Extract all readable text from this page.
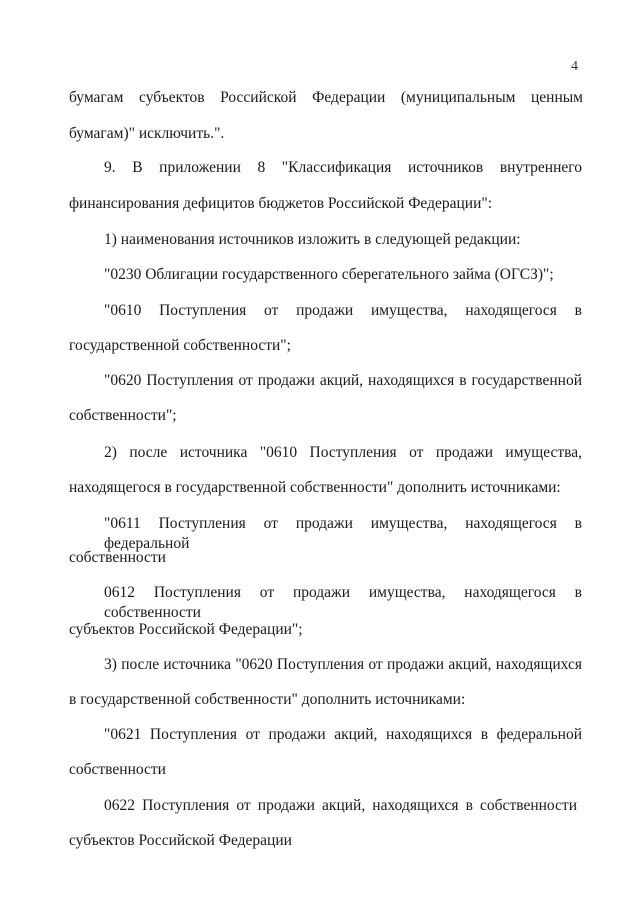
4
бумагам субъектов Российской Федерации (муниципальным ценным
бумагам)" исключить.".
9. В приложении 8 "Классификация источников внутреннего
финансирования дефицитов бюджетов Российской Федерации":
1) наименования источников изложить в следующей редакции:
"0230 Облигации государственного сберегательного займа (ОГСЗ)";
"0610 Поступления от продажи имущества, находящегося в
государственной собственности";
"0620 Поступления от продажи акций, находящихся в государственной
собственности";
2) после источника "0610 Поступления от продажи имущества,
находящегося в государственной собственности" дополнить источниками:
"0611 Поступления от продажи имущества, находящегося в федеральной
собственности
0612 Поступления от продажи имущества, находящегося в собственности
субъектов Российской Федерации";
3) после источника "0620 Поступления от продажи акций, находящихся
в государственной собственности" дополнить источниками:
"0621 Поступления от продажи акций, находящихся в федеральной
собственности
0622 Поступления от продажи акций, находящихся в собственности
субъектов Российской Федерации
